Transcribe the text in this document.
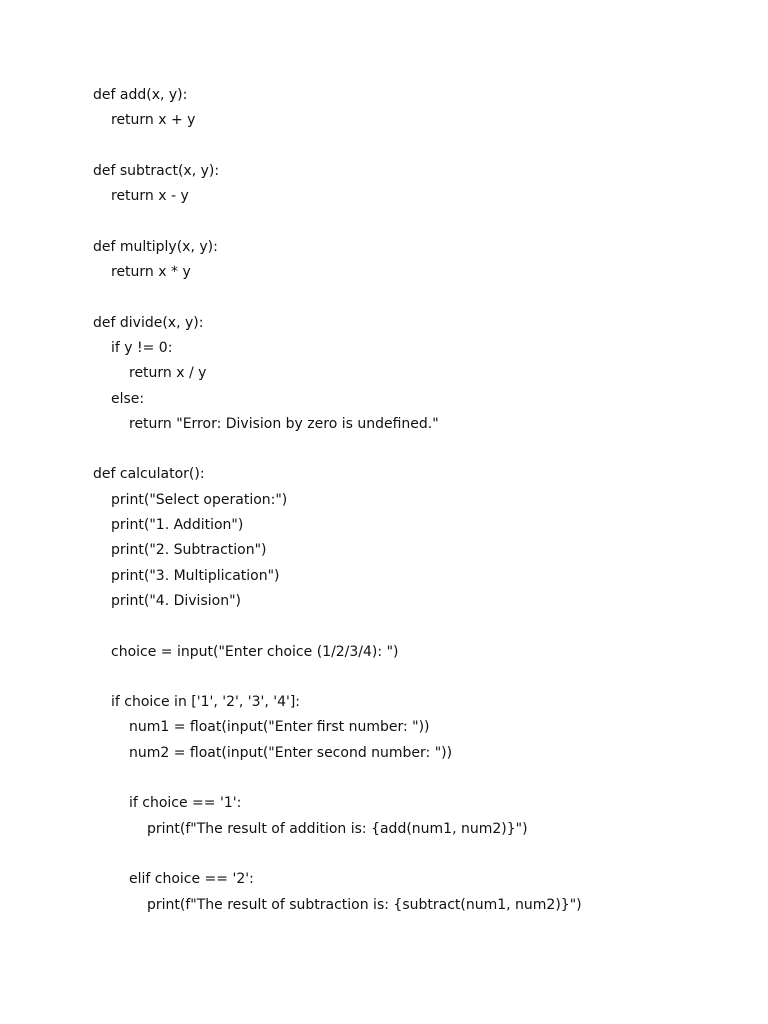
def add(x, y):
return x + y
def subtract(x, y):
return x - y
def multiply(x, y):
return x * y
def divide(x, y):
if y != 0:
return x / y
else:
return "Error: Division by zero is undefined."
def calculator():
print("Select operation:")
print("1. Addition")
print("2. Subtraction")
print("3. Multiplication")
print("4. Division")
choice = input("Enter choice (1/2/3/4): ")
if choice in ['1', '2', '3', '4']:
num1 = float(input("Enter first number: "))
num2 = float(input("Enter second number: "))
if choice == '1':
print(f"The result of addition is: {add(num1, num2)}")
elif choice == '2':
print(f"The result of subtraction is: {subtract(num1, num2)}")
